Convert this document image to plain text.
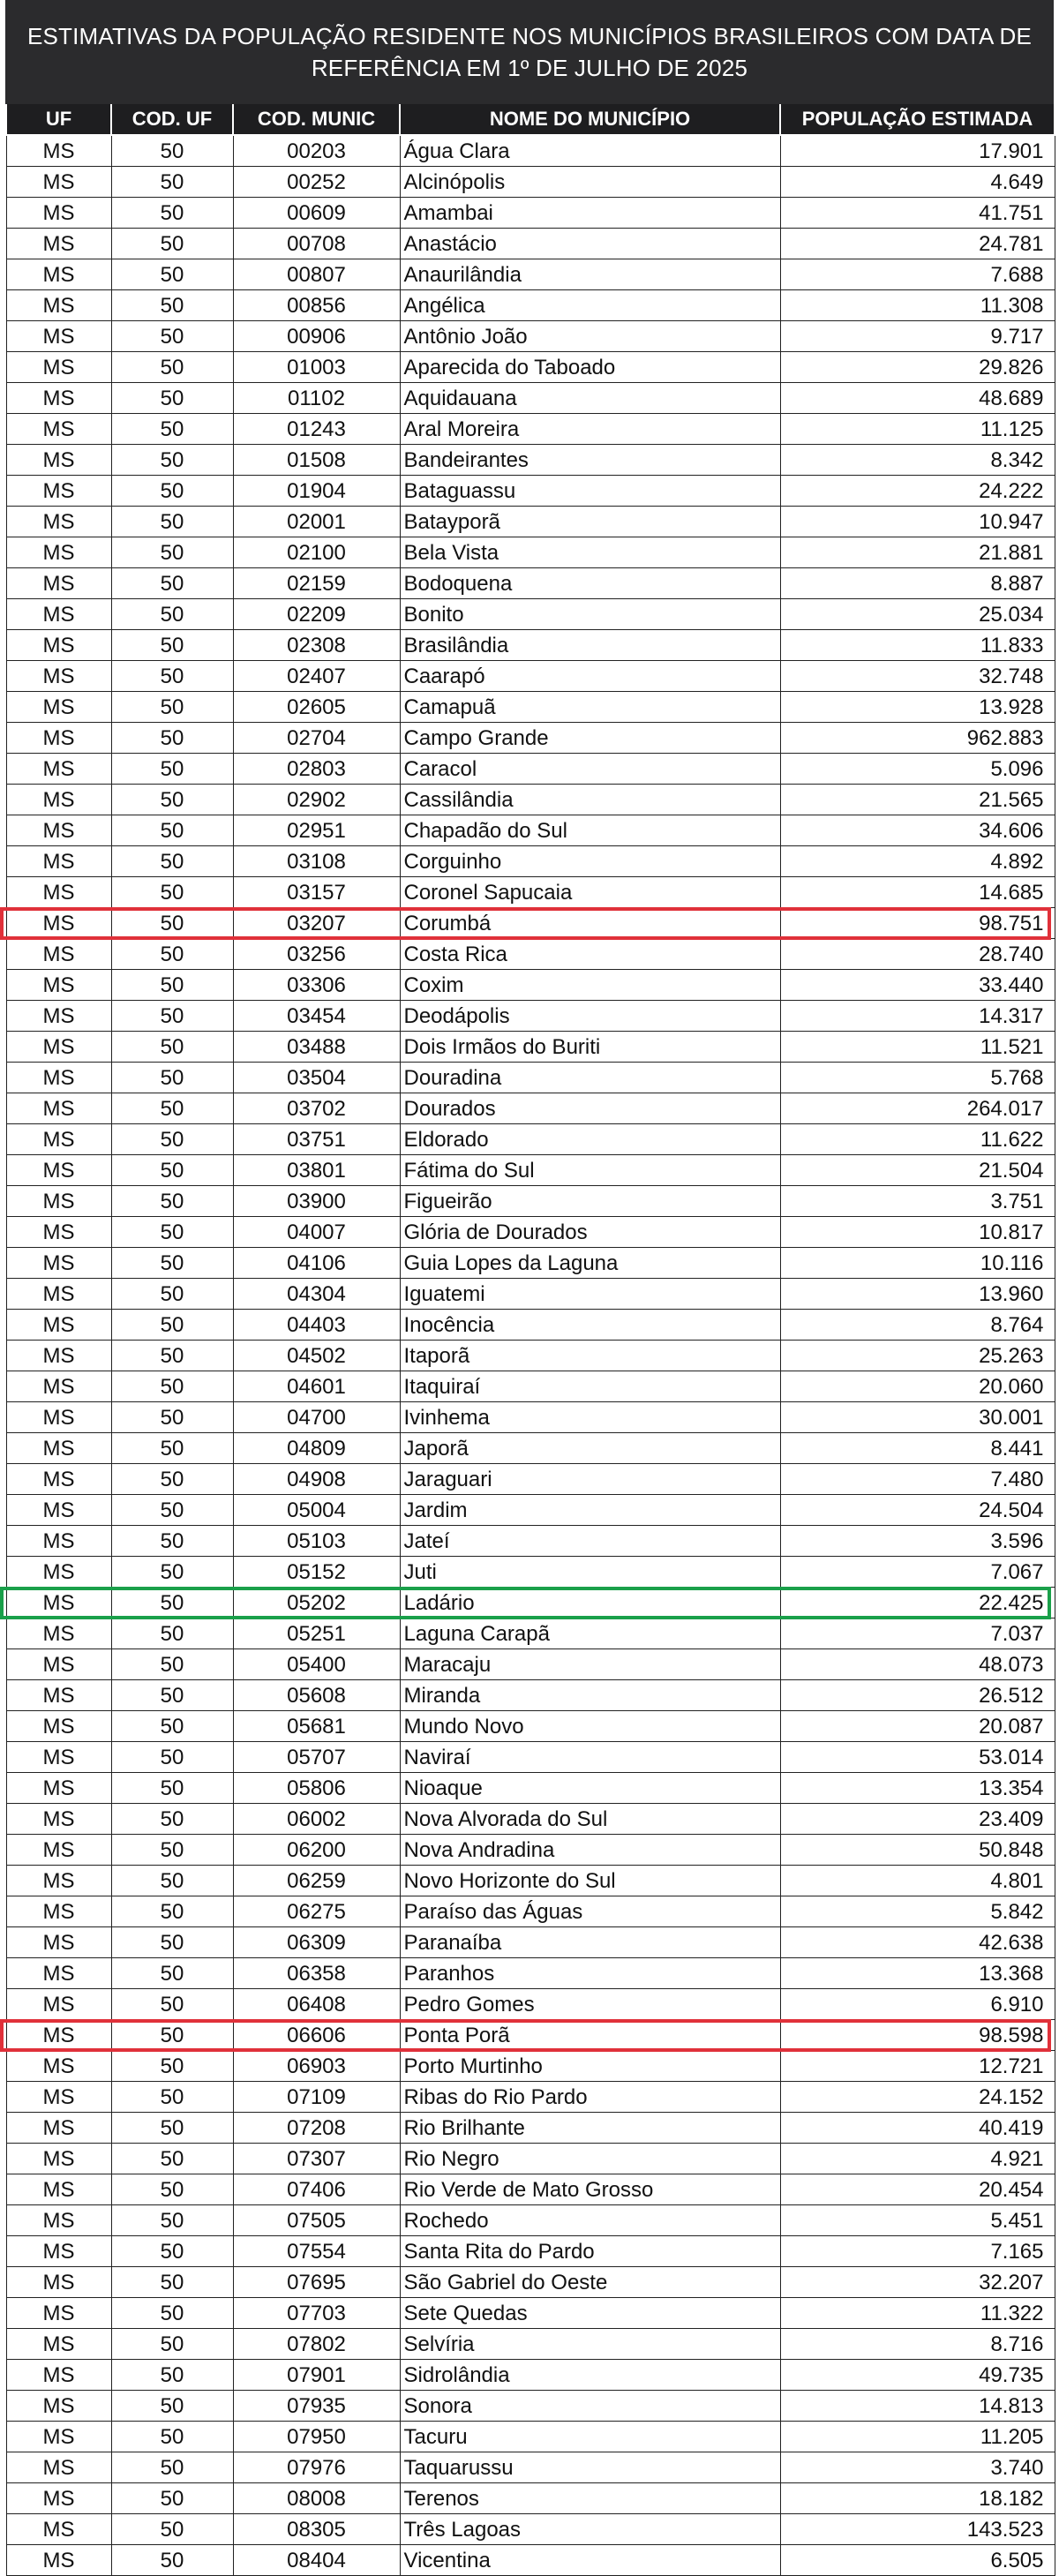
ESTIMATIVAS DA POPULAÇÃO RESIDENTE NOS MUNICÍPIOS BRASILEIROS COM DATA DE
REFERÊNCIA EM 1º DE JULHO DE 2025
UF	COD. UF	COD. MUNIC	NOME DO MUNICÍPIO	POPULAÇÃO ESTIMADA
MS	50	00203	Água Clara	17.901
MS	50	00252	Alcinópolis	4.649
MS	50	00609	Amambai	41.751
MS	50	00708	Anastácio	24.781
MS	50	00807	Anaurilândia	7.688
MS	50	00856	Angélica	11.308
MS	50	00906	Antônio João	9.717
MS	50	01003	Aparecida do Taboado	29.826
MS	50	01102	Aquidauana	48.689
MS	50	01243	Aral Moreira	11.125
MS	50	01508	Bandeirantes	8.342
MS	50	01904	Bataguassu	24.222
MS	50	02001	Batayporã	10.947
MS	50	02100	Bela Vista	21.881
MS	50	02159	Bodoquena	8.887
MS	50	02209	Bonito	25.034
MS	50	02308	Brasilândia	11.833
MS	50	02407	Caarapó	32.748
MS	50	02605	Camapuã	13.928
MS	50	02704	Campo Grande	962.883
MS	50	02803	Caracol	5.096
MS	50	02902	Cassilândia	21.565
MS	50	02951	Chapadão do Sul	34.606
MS	50	03108	Corguinho	4.892
MS	50	03157	Coronel Sapucaia	14.685
MS	50	03207	Corumbá	98.751
MS	50	03256	Costa Rica	28.740
MS	50	03306	Coxim	33.440
MS	50	03454	Deodápolis	14.317
MS	50	03488	Dois Irmãos do Buriti	11.521
MS	50	03504	Douradina	5.768
MS	50	03702	Dourados	264.017
MS	50	03751	Eldorado	11.622
MS	50	03801	Fátima do Sul	21.504
MS	50	03900	Figueirão	3.751
MS	50	04007	Glória de Dourados	10.817
MS	50	04106	Guia Lopes da Laguna	10.116
MS	50	04304	Iguatemi	13.960
MS	50	04403	Inocência	8.764
MS	50	04502	Itaporã	25.263
MS	50	04601	Itaquiraí	20.060
MS	50	04700	Ivinhema	30.001
MS	50	04809	Japorã	8.441
MS	50	04908	Jaraguari	7.480
MS	50	05004	Jardim	24.504
MS	50	05103	Jateí	3.596
MS	50	05152	Juti	7.067
MS	50	05202	Ladário	22.425
MS	50	05251	Laguna Carapã	7.037
MS	50	05400	Maracaju	48.073
MS	50	05608	Miranda	26.512
MS	50	05681	Mundo Novo	20.087
MS	50	05707	Naviraí	53.014
MS	50	05806	Nioaque	13.354
MS	50	06002	Nova Alvorada do Sul	23.409
MS	50	06200	Nova Andradina	50.848
MS	50	06259	Novo Horizonte do Sul	4.801
MS	50	06275	Paraíso das Águas	5.842
MS	50	06309	Paranaíba	42.638
MS	50	06358	Paranhos	13.368
MS	50	06408	Pedro Gomes	6.910
MS	50	06606	Ponta Porã	98.598
MS	50	06903	Porto Murtinho	12.721
MS	50	07109	Ribas do Rio Pardo	24.152
MS	50	07208	Rio Brilhante	40.419
MS	50	07307	Rio Negro	4.921
MS	50	07406	Rio Verde de Mato Grosso	20.454
MS	50	07505	Rochedo	5.451
MS	50	07554	Santa Rita do Pardo	7.165
MS	50	07695	São Gabriel do Oeste	32.207
MS	50	07703	Sete Quedas	11.322
MS	50	07802	Selvíria	8.716
MS	50	07901	Sidrolândia	49.735
MS	50	07935	Sonora	14.813
MS	50	07950	Tacuru	11.205
MS	50	07976	Taquarussu	3.740
MS	50	08008	Terenos	18.182
MS	50	08305	Três Lagoas	143.523
MS	50	08404	Vicentina	6.505
